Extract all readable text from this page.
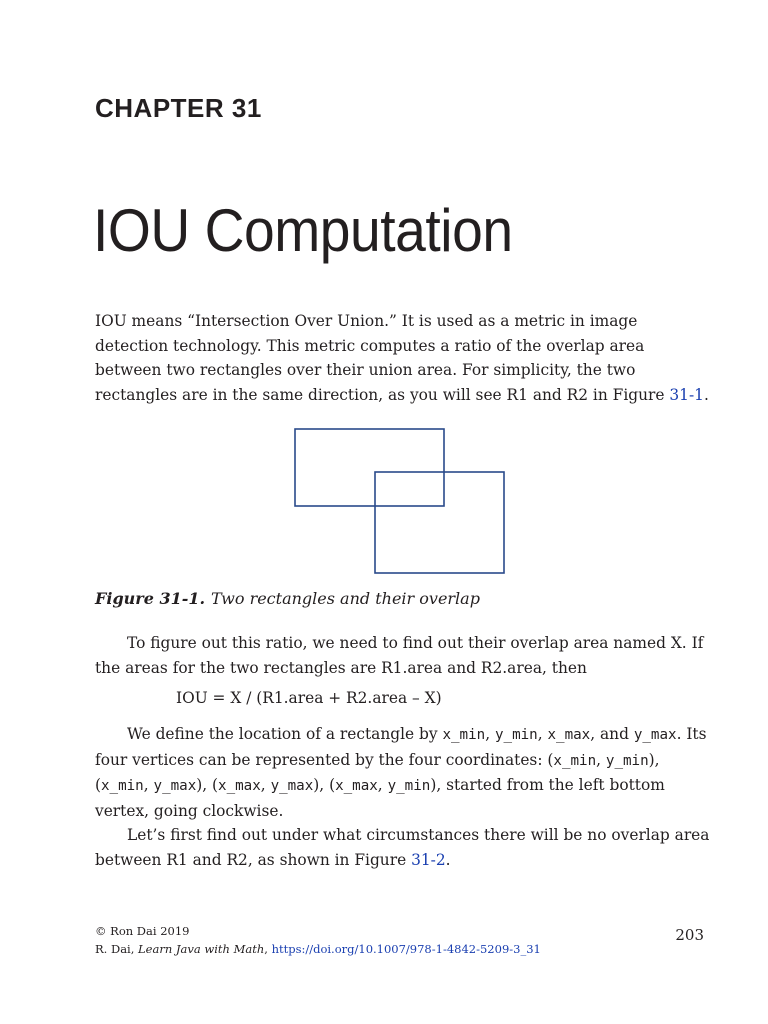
CHAPTER 31
IOU Computation

IOU means “Intersection Over Union.” It is used as a metric in image detection technology. This metric computes a ratio of the overlap area between two rectangles over their union area. For simplicity, the two rectangles are in the same direction, as you will see R1 and R2 in Figure 31-1.

Figure 31-1. Two rectangles and their overlap

To figure out this ratio, we need to find out their overlap area named X. If the areas for the two rectangles are R1.area and R2.area, then

IOU = X / (R1.area + R2.area – X)

We define the location of a rectangle by x_min, y_min, x_max, and y_max. Its four vertices can be represented by the four coordinates: (x_min, y_min), (x_min, y_max), (x_max, y_max), (x_max, y_min), started from the left bottom vertex, going clockwise.

Let’s first find out under what circumstances there will be no overlap area between R1 and R2, as shown in Figure 31-2.

© Ron Dai 2019
R. Dai, Learn Java with Math, https://doi.org/10.1007/978-1-4842-5209-3_31

203
